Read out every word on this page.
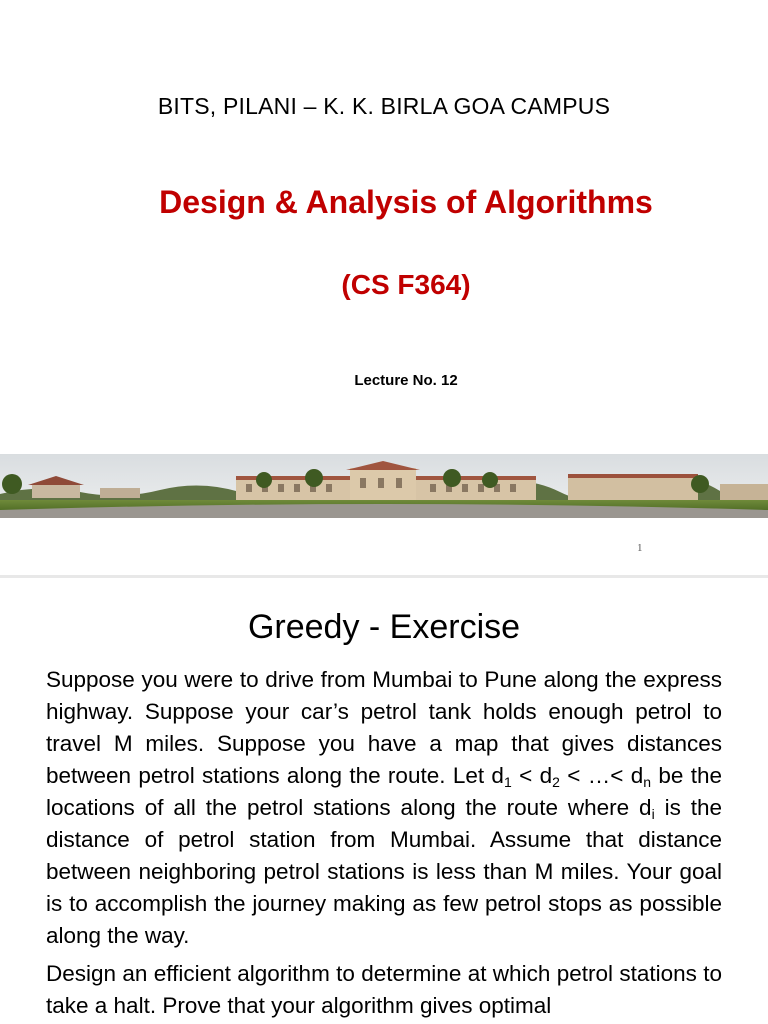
BITS, PILANI – K. K. BIRLA GOA CAMPUS
Design & Analysis of Algorithms
(CS F364)
Lecture No. 12
1
Greedy - Exercise

Suppose you were to drive from Mumbai to Pune along the express highway. Suppose your car’s petrol tank holds enough petrol to travel M miles. Suppose you have a map that gives distances between petrol stations along the route. Let $d_1 < d_2$ < …< $d_n$ be the locations of all the petrol stations along the route where $d_i$ is the distance of petrol station from Mumbai. Assume that distance between neighboring petrol stations is less than M miles. Your goal is to accomplish the journey making as few petrol stops as possible along the way.

Design an efficient algorithm to determine at which petrol stations to take a halt. Prove that your algorithm gives optimal
